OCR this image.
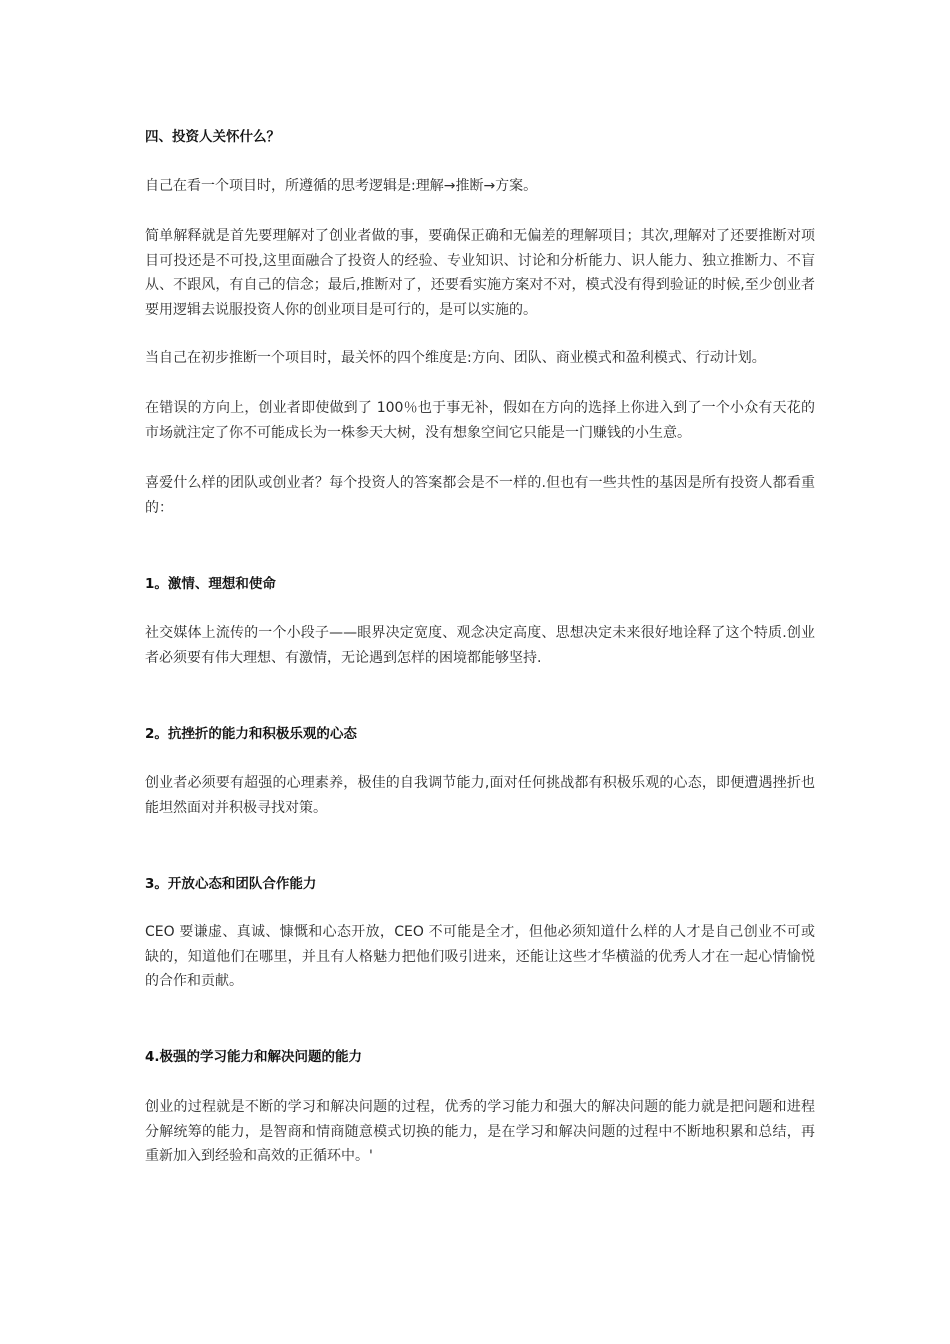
四、投资人关怀什么？

自己在看一个项目时，所遵循的思考逻辑是:理解→推断→方案。

简单解释就是首先要理解对了创业者做的事，要确保正确和无偏差的理解项目；其次,理解对了还要推断对项目可投还是不可投,这里面融合了投资人的经验、专业知识、讨论和分析能力、识人能力、独立推断力、不盲从、不跟风，有自己的信念；最后,推断对了，还要看实施方案对不对，模式没有得到验证的时候,至少创业者要用逻辑去说服投资人你的创业项目是可行的，是可以实施的。

当自己在初步推断一个项目时，最关怀的四个维度是:方向、团队、商业模式和盈利模式、行动计划。

在错误的方向上，创业者即使做到了 100％也于事无补，假如在方向的选择上你进入到了一个小众有天花的市场就注定了你不可能成长为一株参天大树，没有想象空间它只能是一门赚钱的小生意。

喜爱什么样的团队或创业者？每个投资人的答案都会是不一样的.但也有一些共性的基因是所有投资人都看重的：

1。激情、理想和使命

社交媒体上流传的一个小段子——眼界决定宽度、观念决定高度、思想决定未来很好地诠释了这个特质.创业者必须要有伟大理想、有激情，无论遇到怎样的困境都能够坚持.

2。抗挫折的能力和积极乐观的心态

创业者必须要有超强的心理素养，极佳的自我调节能力,面对任何挑战都有积极乐观的心态，即便遭遇挫折也能坦然面对并积极寻找对策。

3。开放心态和团队合作能力

CEO 要谦虚、真诚、慷慨和心态开放，CEO 不可能是全才，但他必须知道什么样的人才是自己创业不可或缺的，知道他们在哪里，并且有人格魅力把他们吸引进来，还能让这些才华横溢的优秀人才在一起心情愉悦的合作和贡献。

4.极强的学习能力和解决问题的能力

创业的过程就是不断的学习和解决问题的过程，优秀的学习能力和强大的解决问题的能力就是把问题和进程分解统筹的能力，是智商和情商随意模式切换的能力，是在学习和解决问题的过程中不断地积累和总结，再重新加入到经验和高效的正循环中。'
